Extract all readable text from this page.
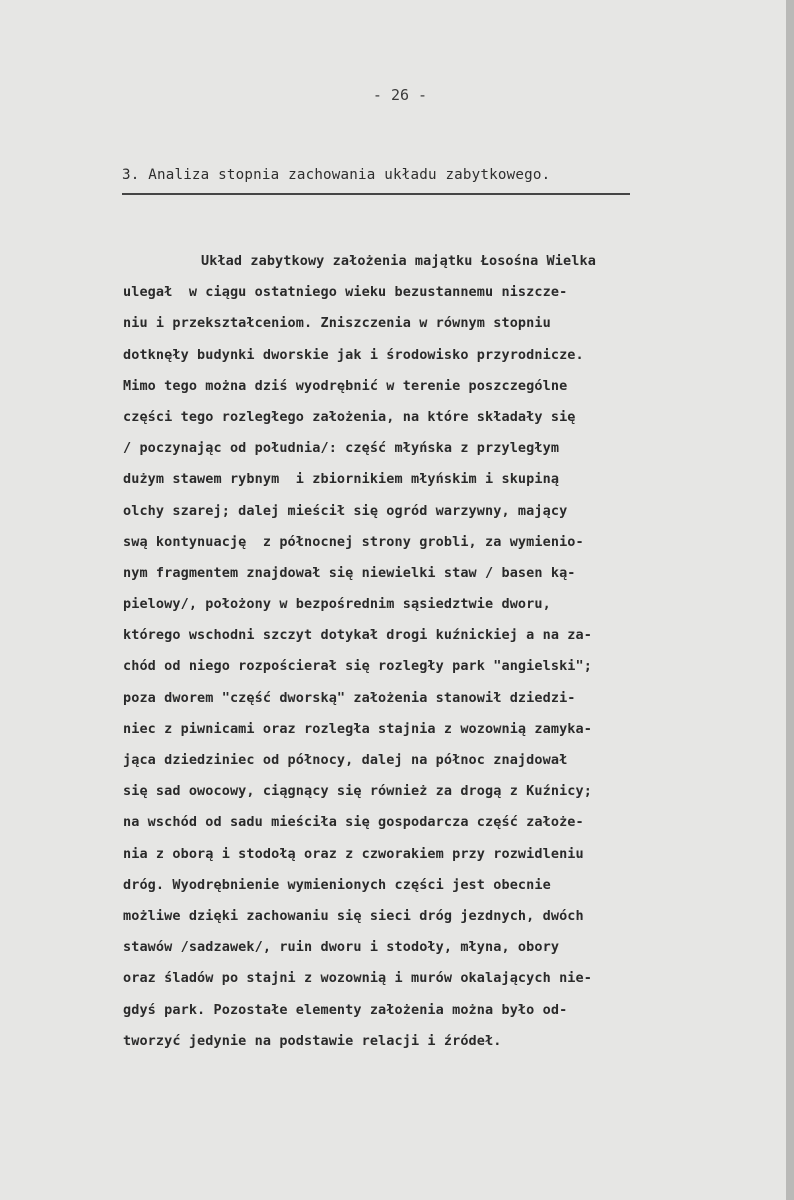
- 26 -
3. Analiza stopnia zachowania układu zabytkowego.
Układ zabytkowy założenia majątku Łosośna Wielka
ulegał  w ciągu ostatniego wieku bezustannemu niszcze-
niu i przekształceniom. Zniszczenia w równym stopniu
dotknęły budynki dworskie jak i środowisko przyrodnicze.
Mimo tego można dziś wyodrębnić w terenie poszczególne
części tego rozległego założenia, na które składały się
/ poczynając od południa/: część młyńska z przyległym
dużym stawem rybnym  i zbiornikiem młyńskim i skupiną
olchy szarej; dalej mieścił się ogród warzywny, mający
swą kontynuację  z północnej strony grobli, za wymienio-
nym fragmentem znajdował się niewielki staw / basen ką-
pielowy/, położony w bezpośrednim sąsiedztwie dworu,
którego wschodni szczyt dotykał drogi kuźnickiej a na za-
chód od niego rozpościerał się rozległy park "angielski";
poza dworem "część dworską" założenia stanowił dziedzi-
niec z piwnicami oraz rozległa stajnia z wozownią zamyka-
jąca dziedziniec od północy, dalej na północ znajdował
się sad owocowy, ciągnący się również za drogą z Kuźnicy;
na wschód od sadu mieściła się gospodarcza część założe-
nia z oborą i stodołą oraz z czworakiem przy rozwidleniu
dróg. Wyodrębnienie wymienionych części jest obecnie
możliwe dzięki zachowaniu się sieci dróg jezdnych, dwóch
stawów /sadzawek/, ruin dworu i stodoły, młyna, obory
oraz śladów po stajni z wozownią i murów okalających nie-
gdyś park. Pozostałe elementy założenia można było od-
tworzyć jedynie na podstawie relacji i źródeł.
